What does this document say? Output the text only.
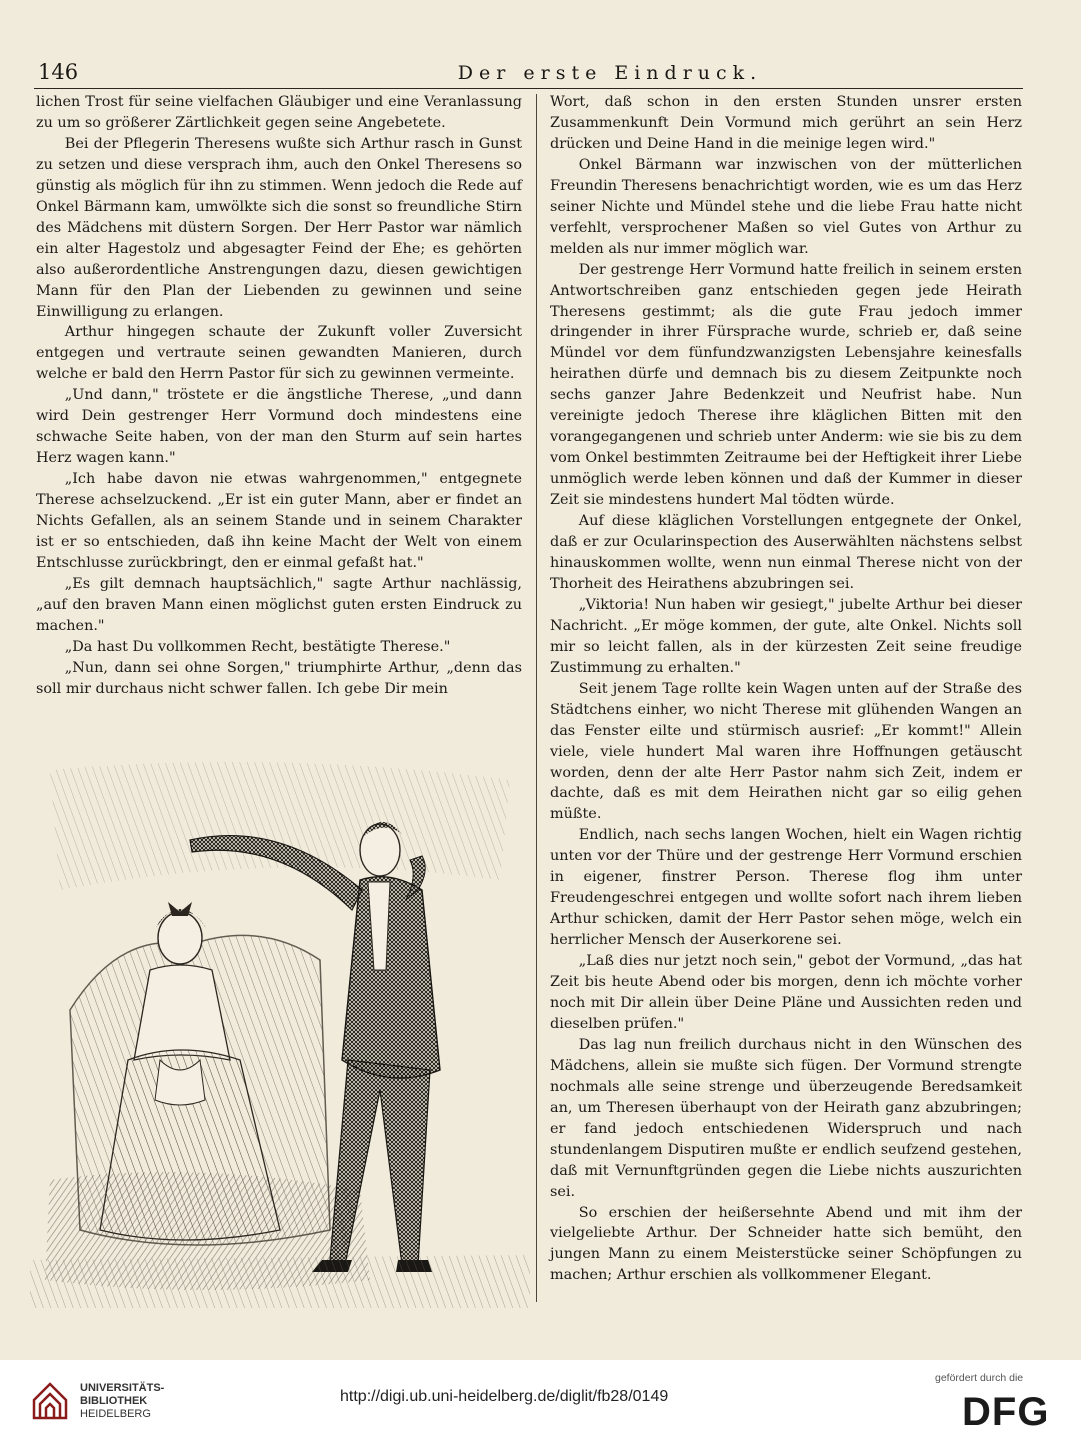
146	Der erste Eindruck.

lichen Trost für seine vielfachen Gläubiger und eine Veranlassung zu um so größerer Zärtlichkeit gegen seine Angebetete.

Bei der Pflegerin Theresens wußte sich Arthur rasch in Gunst zu setzen und diese versprach ihm, auch den Onkel Theresens so günstig als möglich für ihn zu stimmen. Wenn jedoch die Rede auf Onkel Bärmann kam, umwölkte sich die sonst so freundliche Stirn des Mädchens mit düstern Sorgen. Der Herr Pastor war nämlich ein alter Hagestolz und abgesagter Feind der Ehe; es gehörten also außerordentliche Anstrengungen dazu, diesen gewichtigen Mann für den Plan der Liebenden zu gewinnen und seine Einwilligung zu erlangen.

Arthur hingegen schaute der Zukunft voller Zuversicht entgegen und vertraute seinen gewandten Manieren, durch welche er bald den Herrn Pastor für sich zu gewinnen vermeinte.

„Und dann," tröstete er die ängstliche Therese, „und dann wird Dein gestrenger Herr Vormund doch mindestens eine schwache Seite haben, von der man den Sturm auf sein hartes Herz wagen kann."

„Ich habe davon nie etwas wahrgenommen," entgegnete Therese achselzuckend. „Er ist ein guter Mann, aber er findet an Nichts Gefallen, als an seinem Stande und in seinem Charakter ist er so entschieden, daß ihn keine Macht der Welt von einem Entschlusse zurückbringt, den er einmal gefaßt hat."

„Es gilt demnach hauptsächlich," sagte Arthur nachlässig, „auf den braven Mann einen möglichst guten ersten Eindruck zu machen."

„Da hast Du vollkommen Recht, bestätigte Therese."

„Nun, dann sei ohne Sorgen," triumphirte Arthur, „denn das soll mir durchaus nicht schwer fallen. Ich gebe Dir mein

Wort, daß schon in den ersten Stunden unsrer ersten Zusammenkunft Dein Vormund mich gerührt an sein Herz drücken und Deine Hand in die meinige legen wird."

Onkel Bärmann war inzwischen von der mütterlichen Freundin Theresens benachrichtigt worden, wie es um das Herz seiner Nichte und Mündel stehe und die liebe Frau hatte nicht verfehlt, versprochener Maßen so viel Gutes von Arthur zu melden als nur immer möglich war.

Der gestrenge Herr Vormund hatte freilich in seinem ersten Antwortschreiben ganz entschieden gegen jede Heirath Theresens gestimmt; als die gute Frau jedoch immer dringender in ihrer Fürsprache wurde, schrieb er, daß seine Mündel vor dem fünfundzwanzigsten Lebensjahre keinesfalls heirathen dürfe und demnach bis zu diesem Zeitpunkte noch sechs ganzer Jahre Bedenkzeit und Neufrist habe. Nun vereinigte jedoch Therese ihre kläglichen Bitten mit den vorangegangenen und schrieb unter Anderm: wie sie bis zu dem vom Onkel bestimmten Zeitraume bei der Heftigkeit ihrer Liebe unmöglich werde leben können und daß der Kummer in dieser Zeit sie mindestens hundert Mal tödten würde.

Auf diese kläglichen Vorstellungen entgegnete der Onkel, daß er zur Ocularinspection des Auserwählten nächstens selbst hinauskommen wollte, wenn nun einmal Therese nicht von der Thorheit des Heirathens abzubringen sei.

„Viktoria! Nun haben wir gesiegt," jubelte Arthur bei dieser Nachricht. „Er möge kommen, der gute, alte Onkel. Nichts soll mir so leicht fallen, als in der kürzesten Zeit seine freudige Zustimmung zu erhalten."

Seit jenem Tage rollte kein Wagen unten auf der Straße des Städtchens einher, wo nicht Therese mit glühenden Wangen an das Fenster eilte und stürmisch ausrief: „Er kommt!" Allein viele, viele hundert Mal waren ihre Hoffnungen getäuscht worden, denn der alte Herr Pastor nahm sich Zeit, indem er dachte, daß es mit dem Heirathen nicht gar so eilig gehen müßte.

Endlich, nach sechs langen Wochen, hielt ein Wagen richtig unten vor der Thüre und der gestrenge Herr Vormund erschien in eigener, finstrer Person. Therese flog ihm unter Freudengeschrei entgegen und wollte sofort nach ihrem lieben Arthur schicken, damit der Herr Pastor sehen möge, welch ein herrlicher Mensch der Auserkorene sei.

„Laß dies nur jetzt noch sein," gebot der Vormund, „das hat Zeit bis heute Abend oder bis morgen, denn ich möchte vorher noch mit Dir allein über Deine Pläne und Aussichten reden und dieselben prüfen."

Das lag nun freilich durchaus nicht in den Wünschen des Mädchens, allein sie mußte sich fügen. Der Vormund strengte nochmals alle seine strenge und überzeugende Beredsamkeit an, um Theresen überhaupt von der Heirath ganz abzubringen; er fand jedoch entschiedenen Widerspruch und nach stundenlangem Disputiren mußte er endlich seufzend gestehen, daß mit Vernunftgründen gegen die Liebe nichts auszurichten sei.

So erschien der heißersehnte Abend und mit ihm der vielgeliebte Arthur. Der Schneider hatte sich bemüht, den jungen Mann zu einem Meisterstücke seiner Schöpfungen zu machen; Arthur erschien als vollkommener Elegant.

UNIVERSITÄTS-
BIBLIOTHEK
HEIDELBERG
http://digi.ub.uni-heidelberg.de/diglit/fb28/0149
gefördert durch die
DFG
